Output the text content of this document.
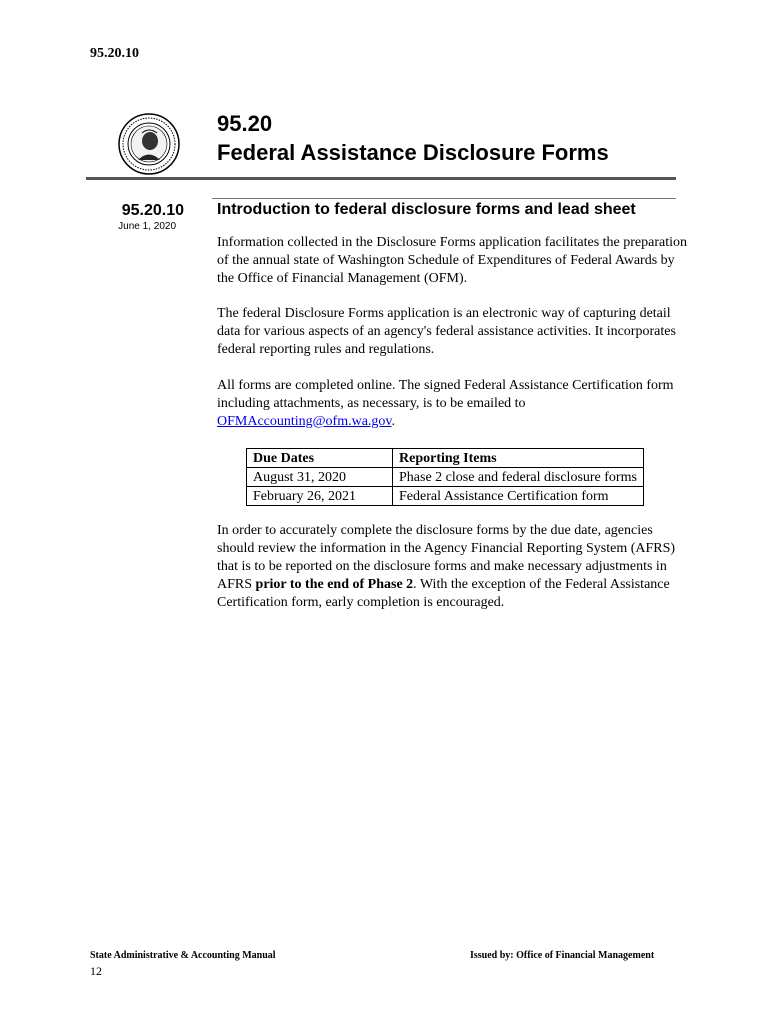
95.20.10
95.20
Federal Assistance Disclosure Forms
95.20.10
June 1, 2020
Introduction to federal disclosure forms and lead sheet
Information collected in the Disclosure Forms application facilitates the preparation of the annual state of Washington Schedule of Expenditures of Federal Awards by the Office of Financial Management (OFM).
The federal Disclosure Forms application is an electronic way of capturing detail data for various aspects of an agency's federal assistance activities. It incorporates federal reporting rules and regulations.
All forms are completed online. The signed Federal Assistance Certification form including attachments, as necessary, is to be emailed to OFMAccounting@ofm.wa.gov.
Due Dates	Reporting Items
August 31, 2020	Phase 2 close and federal disclosure forms
February 26, 2021	Federal Assistance Certification form
In order to accurately complete the disclosure forms by the due date, agencies should review the information in the Agency Financial Reporting System (AFRS) that is to be reported on the disclosure forms and make necessary adjustments in AFRS prior to the end of Phase 2. With the exception of the Federal Assistance Certification form, early completion is encouraged.
State Administrative & Accounting Manual	Issued by: Office of Financial Management
12
